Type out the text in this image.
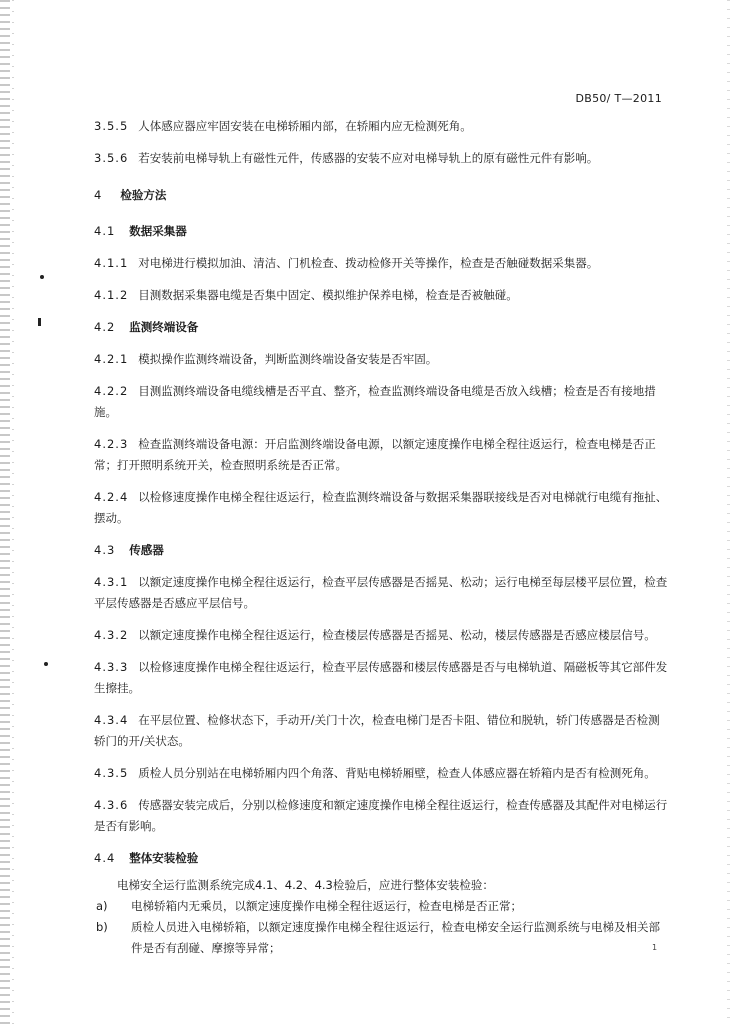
DB50/ T—2011
3.5.5 人体感应器应牢固安装在电梯轿厢内部，在轿厢内应无检测死角。
3.5.6 若安装前电梯导轨上有磁性元件，传感器的安装不应对电梯导轨上的原有磁性元件有影响。
4 检验方法
4.1 数据采集器
4.1.1 对电梯进行模拟加油、清洁、门机检查、拨动检修开关等操作，检查是否触碰数据采集器。
4.1.2 目测数据采集器电缆是否集中固定、模拟维护保养电梯，检查是否被触碰。
4.2 监测终端设备
4.2.1 模拟操作监测终端设备，判断监测终端设备安装是否牢固。
4.2.2 目测监测终端设备电缆线槽是否平直、整齐，检查监测终端设备电缆是否放入线槽；检查是否有接地措施。
4.2.3 检查监测终端设备电源：开启监测终端设备电源，以额定速度操作电梯全程往返运行，检查电梯是否正常；打开照明系统开关，检查照明系统是否正常。
4.2.4 以检修速度操作电梯全程往返运行，检查监测终端设备与数据采集器联接线是否对电梯就行电缆有拖扯、摆动。
4.3 传感器
4.3.1 以额定速度操作电梯全程往返运行，检查平层传感器是否摇晃、松动；运行电梯至每层楼平层位置，检查平层传感器是否感应平层信号。
4.3.2 以额定速度操作电梯全程往返运行，检查楼层传感器是否摇晃、松动，楼层传感器是否感应楼层信号。
4.3.3 以检修速度操作电梯全程往返运行，检查平层传感器和楼层传感器是否与电梯轨道、隔磁板等其它部件发生擦挂。
4.3.4 在平层位置、检修状态下，手动开/关门十次，检查电梯门是否卡阻、错位和脱轨，轿门传感器是否检测轿门的开/关状态。
4.3.5 质检人员分别站在电梯轿厢内四个角落、背贴电梯轿厢壁，检查人体感应器在轿箱内是否有检测死角。
4.3.6 传感器安装完成后，分别以检修速度和额定速度操作电梯全程往返运行，检查传感器及其配件对电梯运行是否有影响。
4.4 整体安装检验
电梯安全运行监测系统完成4.1、4.2、4.3检验后，应进行整体安装检验：
a)	电梯轿箱内无乘员，以额定速度操作电梯全程往返运行，检查电梯是否正常；
b)	质检人员进入电梯轿箱，以额定速度操作电梯全程往返运行，检查电梯安全运行监测系统与电梯及相关部件是否有刮碰、摩擦等异常；	1
